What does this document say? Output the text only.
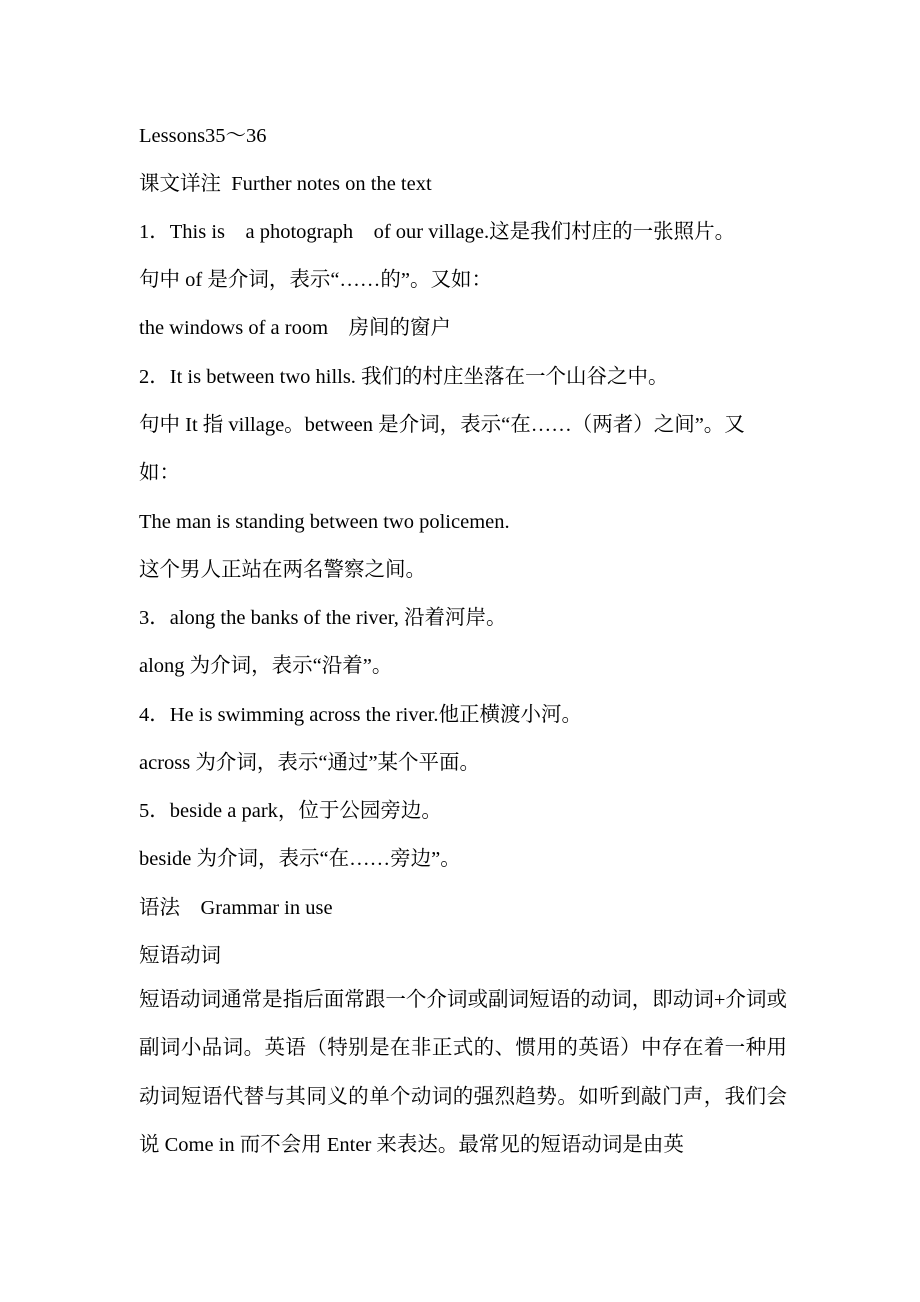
Lessons35～36
课文详注  Further notes on the text
1．This is    a photograph    of our village.这是我们村庄的一张照片。
句中 of 是介词，表示“……的”。又如：
the windows of a room    房间的窗户
2．It is between two hills. 我们的村庄坐落在一个山谷之中。
句中 It 指 village。between 是介词，表示“在……（两者）之间”。又
如：
The man is standing between two policemen.
这个男人正站在两名警察之间。
3．along the banks of the river, 沿着河岸。
along 为介词，表示“沿着”。
4．He is swimming across the river.他正横渡小河。
across 为介词，表示“通过”某个平面。
5．beside a park，位于公园旁边。
beside 为介词，表示“在……旁边”。
语法    Grammar in use
短语动词
短语动词通常是指后面常跟一个介词或副词短语的动词，即动词+介词或副词小品词。英语（特别是在非正式的、惯用的英语）中存在着一种用动词短语代替与其同义的单个动词的强烈趋势。如听到敲门声，我们会说 Come in 而不会用 Enter 来表达。最常见的短语动词是由英
